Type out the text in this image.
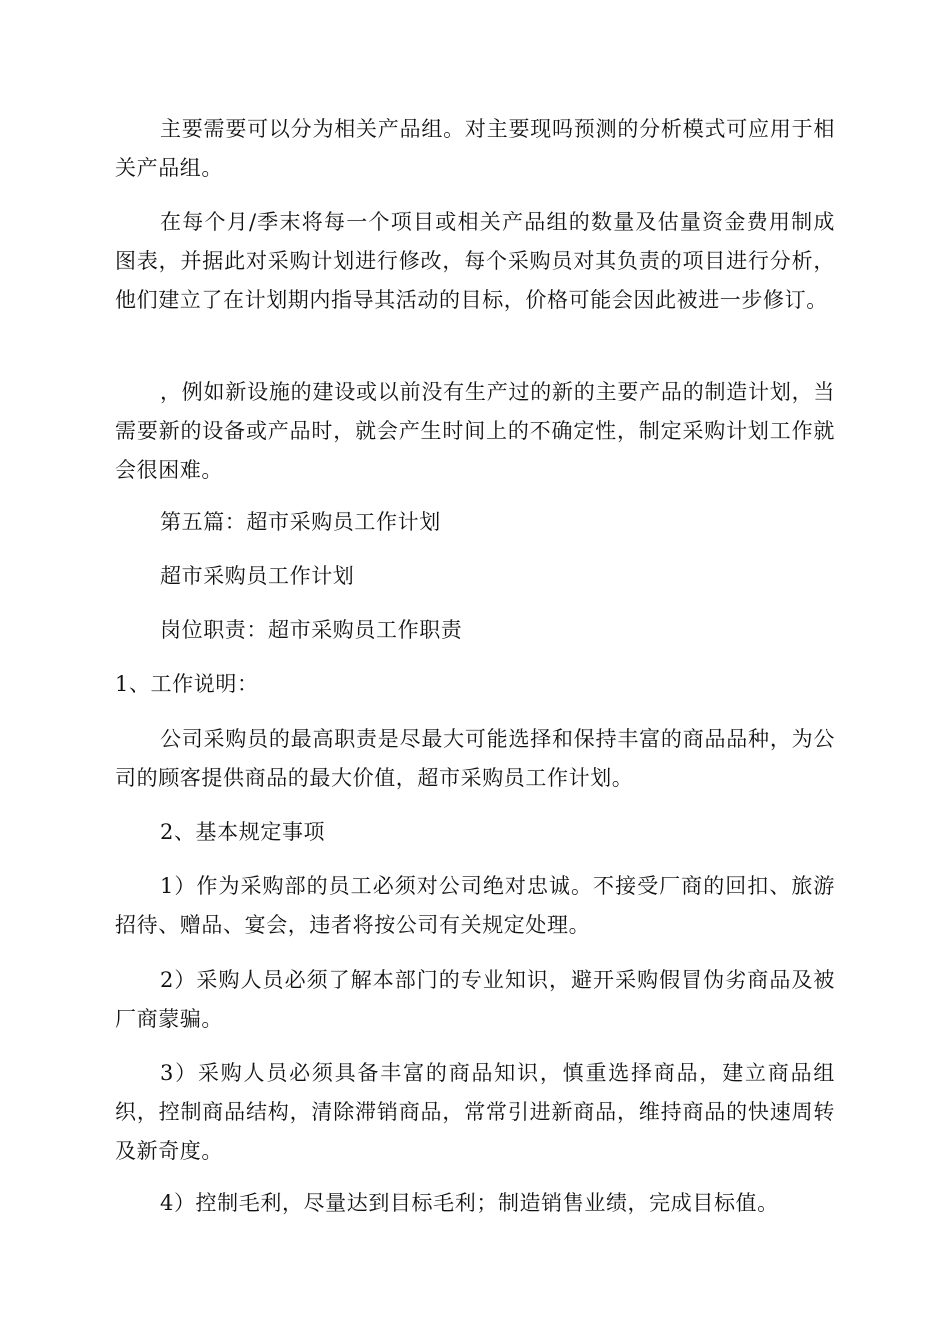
主要需要可以分为相关产品组。对主要现吗预测的分析模式可应用于相关产品组。

在每个月/季末将每一个项目或相关产品组的数量及估量资金费用制成图表，并据此对采购计划进行修改，每个采购员对其负责的项目进行分析，他们建立了在计划期内指导其活动的目标，价格可能会因此被进一步修订。

，例如新设施的建设或以前没有生产过的新的主要产品的制造计划，当需要新的设备或产品时，就会产生时间上的不确定性，制定采购计划工作就会很困难。

第五篇：超市采购员工作计划

超市采购员工作计划

岗位职责：超市采购员工作职责

1、工作说明：

公司采购员的最高职责是尽最大可能选择和保持丰富的商品品种，为公司的顾客提供商品的最大价值，超市采购员工作计划。

2、基本规定事项

1）作为采购部的员工必须对公司绝对忠诚。不接受厂商的回扣、旅游招待、赠品、宴会，违者将按公司有关规定处理。

2）采购人员必须了解本部门的专业知识，避开采购假冒伪劣商品及被厂商蒙骗。

3）采购人员必须具备丰富的商品知识，慎重选择商品，建立商品组织，控制商品结构，清除滞销商品，常常引进新商品，维持商品的快速周转及新奇度。

4）控制毛利，尽量达到目标毛利；制造销售业绩，完成目标值。
